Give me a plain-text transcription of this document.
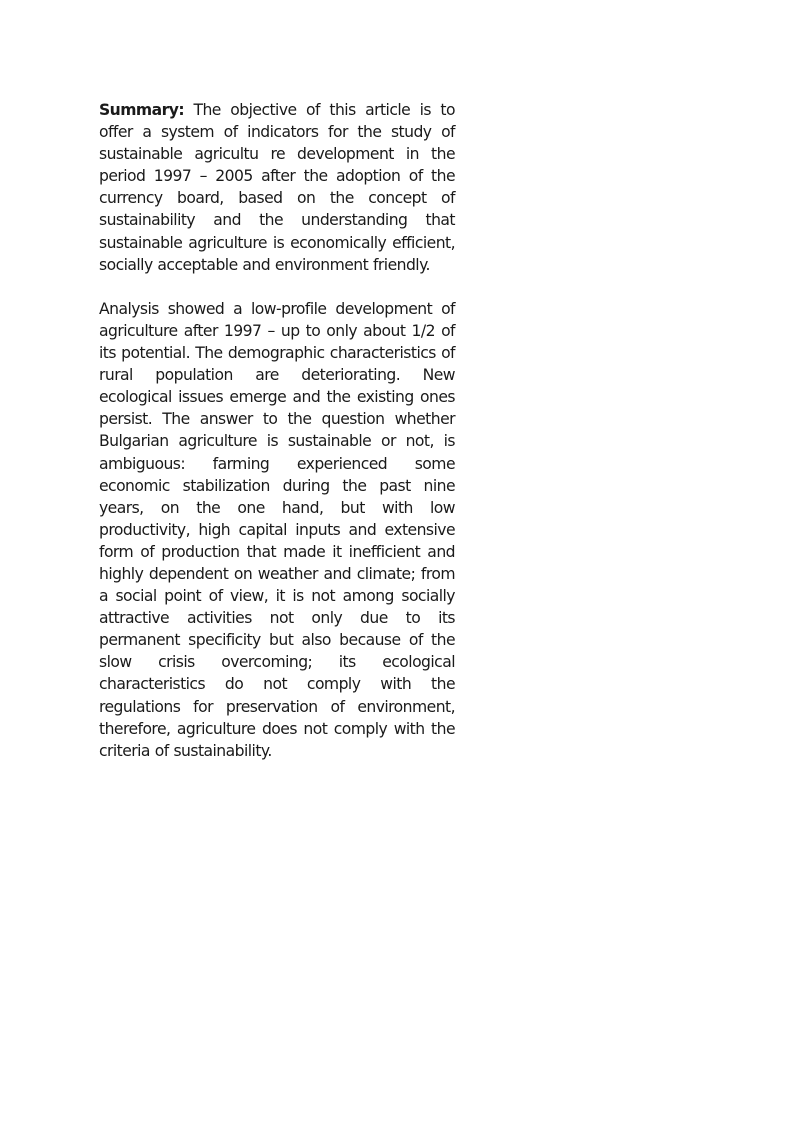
Summary: The objective of this article is to offer a system of indicators for the study of sustainable agricultu re development in the period 1997 – 2005 after the adoption of the currency board, based on the concept of sustainability and the understanding that sustainable agriculture is economically efficient, socially acceptable and environment friendly.

Analysis showed a low-profile development of agriculture after 1997 – up to only about 1/2 of its potential. The demographic characteristics of rural population are deteriorating. New ecological issues emerge and the existing ones persist. The answer to the question whether Bulgarian agriculture is sustainable or not, is ambiguous: farming experienced some economic stabilization during the past nine years, on the one hand, but with low productivity, high capital inputs and extensive form of production that made it inefficient and highly dependent on weather and climate; from a social point of view, it is not among socially attractive activities not only due to its permanent specificity but also because of the slow crisis overcoming; its ecological characteristics do not comply with the regulations for preservation of environment, therefore, agriculture does not comply with the criteria of sustainability.
